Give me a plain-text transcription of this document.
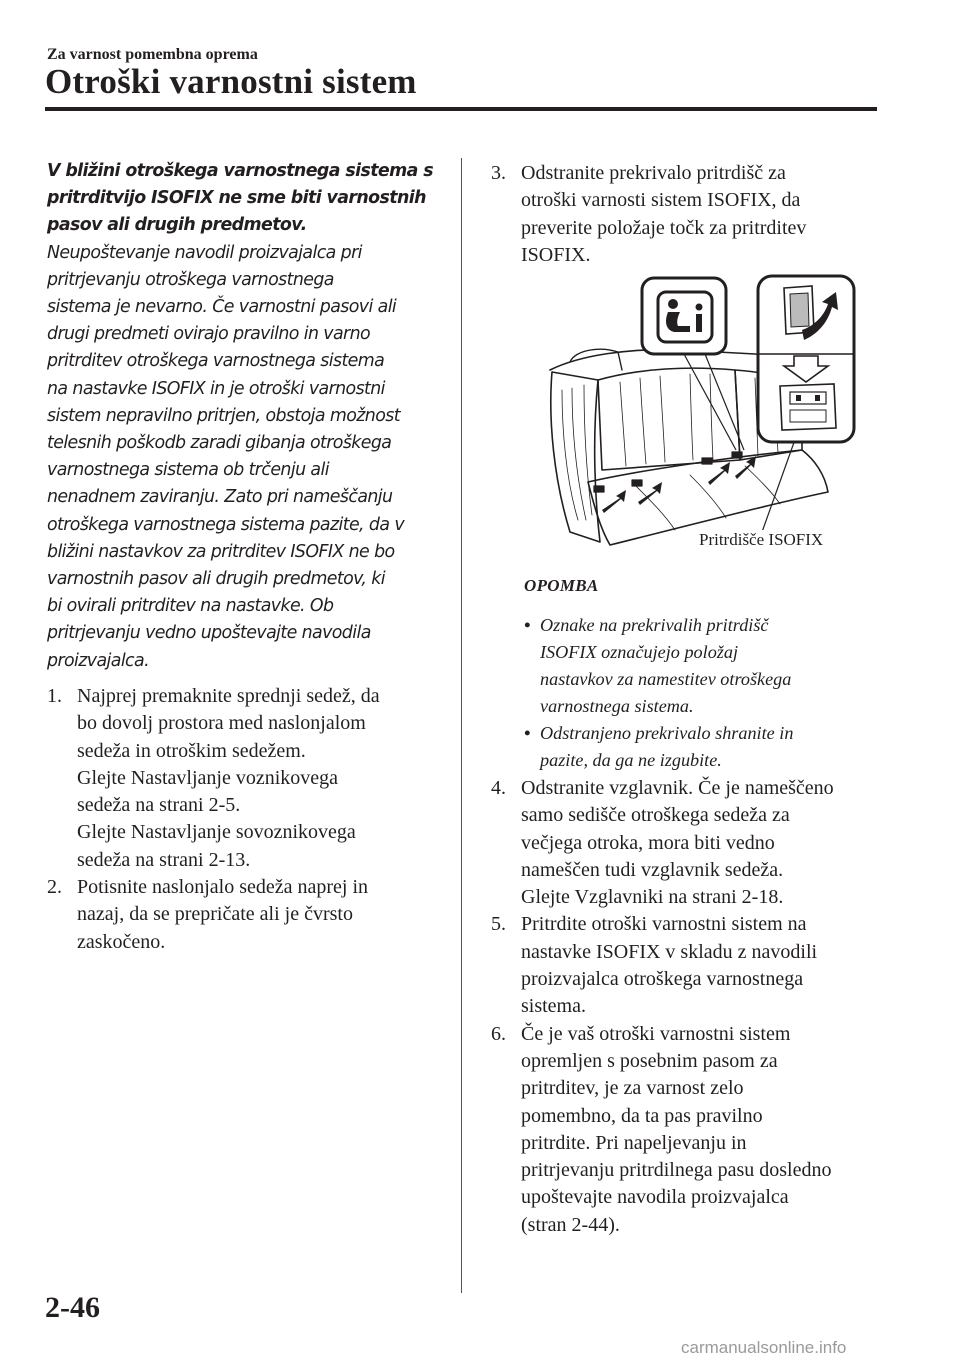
Za varnost pomembna oprema
Otroški varnostni sistem
V bližini otroškega varnostnega sistema s
pritrditvijo ISOFIX ne sme biti varnostnih
pasov ali drugih predmetov.
Neupoštevanje navodil proizvajalca pri
pritrjevanju otroškega varnostnega
sistema je nevarno. Če varnostni pasovi ali
drugi predmeti ovirajo pravilno in varno
pritrditev otroškega varnostnega sistema
na nastavke ISOFIX in je otroški varnostni
sistem nepravilno pritrjen, obstoja možnost
telesnih poškodb zaradi gibanja otroškega
varnostnega sistema ob trčenju ali
nenadnem zaviranju. Zato pri nameščanju
otroškega varnostnega sistema pazite, da v
bližini nastavkov za pritrditev ISOFIX ne bo
varnostnih pasov ali drugih predmetov, ki
bi ovirali pritrditev na nastavke. Ob
pritrjevanju vedno upoštevajte navodila
proizvajalca.
1. Najprej premaknite sprednji sedež, da
bo dovolj prostora med naslonjalom
sedeža in otroškim sedežem.
Glejte Nastavljanje voznikovega
sedeža na strani 2-5.
Glejte Nastavljanje sovoznikovega
sedeža na strani 2-13.
2. Potisnite naslonjalo sedeža naprej in
nazaj, da se prepričate ali je čvrsto
zaskočeno.
3. Odstranite prekrivalo pritrdišč za
otroški varnosti sistem ISOFIX, da
preverite položaje točk za pritrditev
ISOFIX.
Pritrdišče ISOFIX
OPOMBA
• Oznake na prekrivalih pritrdišč
ISOFIX označujejo položaj
nastavkov za namestitev otroškega
varnostnega sistema.
• Odstranjeno prekrivalo shranite in
pazite, da ga ne izgubite.
4. Odstranite vzglavnik. Če je nameščeno
samo sedišče otroškega sedeža za
večjega otroka, mora biti vedno
nameščen tudi vzglavnik sedeža.
Glejte Vzglavniki na strani 2-18.
5. Pritrdite otroški varnostni sistem na
nastavke ISOFIX v skladu z navodili
proizvajalca otroškega varnostnega
sistema.
6. Če je vaš otroški varnostni sistem
opremljen s posebnim pasom za
pritrditev, je za varnost zelo
pomembno, da ta pas pravilno
pritrdite. Pri napeljevanju in
pritrjevanju pritrdilnega pasu dosledno
upoštevajte navodila proizvajalca
(stran 2-44).
2-46
carmanualsonline.info
